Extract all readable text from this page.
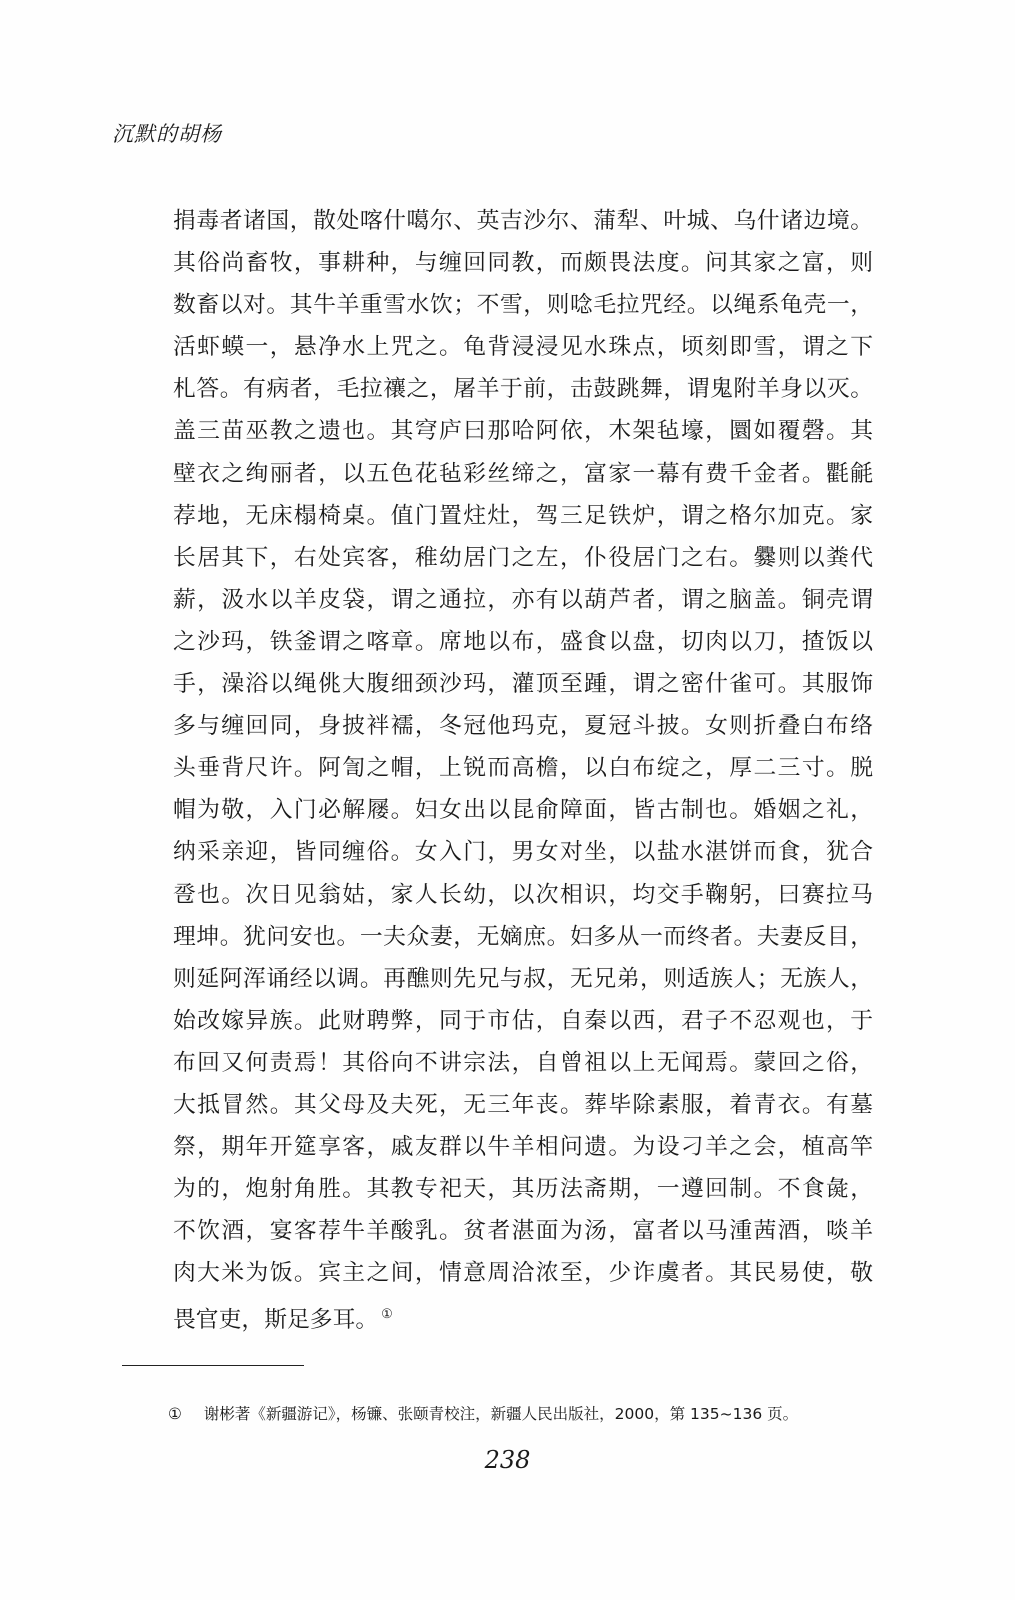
沉默的胡杨

捐毒者诸国，散处喀什噶尔、英吉沙尔、蒲犁、叶城、乌什诸边境。
其俗尚畜牧，事耕种，与缠回同教，而颇畏法度。问其家之富，则
数畜以对。其牛羊重雪水饮；不雪，则唸毛拉咒经。以绳系龟壳一，
活虾蟆一，悬净水上咒之。龟背浸浸见水珠点，顷刻即雪，谓之下
札答。有病者，毛拉禳之，屠羊于前，击鼓跳舞，谓鬼附羊身以灭。
盖三苗巫教之遗也。其穹庐曰那哈阿依，木架毡壕，圜如覆磬。其
壁衣之绚丽者，以五色花毡彩丝缔之，富家一幕有费千金者。氍毹
荐地，无床榻椅桌。值门置炷灶，驾三足铁炉，谓之格尔加克。家
长居其下，右处宾客，稚幼居门之左，仆役居门之右。爨则以粪代
薪，汲水以羊皮袋，谓之通拉，亦有以葫芦者，谓之脑盖。铜壳谓
之沙玛，铁釜谓之喀章。席地以布，盛食以盘，切肉以刀，揸饭以
手，澡浴以绳佻大腹细颈沙玛，灌顶至踵，谓之密什雀可。其服饰
多与缠回同，身披袢襦，冬冠他玛克，夏冠斗披。女则折叠白布络
头垂背尺许。阿訇之帽，上锐而高檐，以白布绽之，厚二三寸。脱
帽为敬，入门必解屦。妇女出以昆俞障面，皆古制也。婚姻之礼，
纳采亲迎，皆同缠俗。女入门，男女对坐，以盐水湛饼而食，犹合
卺也。次日见翁姑，家人长幼，以次相识，均交手鞠躬，曰赛拉马
理坤。犹问安也。一夫众妻，无嫡庶。妇多从一而终者。夫妻反目，
则延阿浑诵经以调。再醮则先兄与叔，无兄弟，则适族人；无族人，
始改嫁异族。此财聘弊，同于市估，自秦以西，君子不忍观也，于
布回又何责焉！其俗向不讲宗法，自曾祖以上无闻焉。蒙回之俗，
大抵冒然。其父母及夫死，无三年丧。葬毕除素服，着青衣。有墓
祭，期年开筵享客，戚友群以牛羊相问遗。为设刁羊之会，植高竿
为的，炮射角胜。其教专祀天，其历法斋期，一遵回制。不食彘，
不饮酒，宴客荐牛羊酸乳。贫者湛面为汤，富者以马湩茜酒，啖羊
肉大米为饭。宾主之间，情意周洽浓至，少诈虞者。其民易使，敬
畏官吏，斯足多耳。 ①

① 谢彬著《新疆游记》，杨镰、张颐青校注，新疆人民出版社，2000，第 135~136 页。

238
